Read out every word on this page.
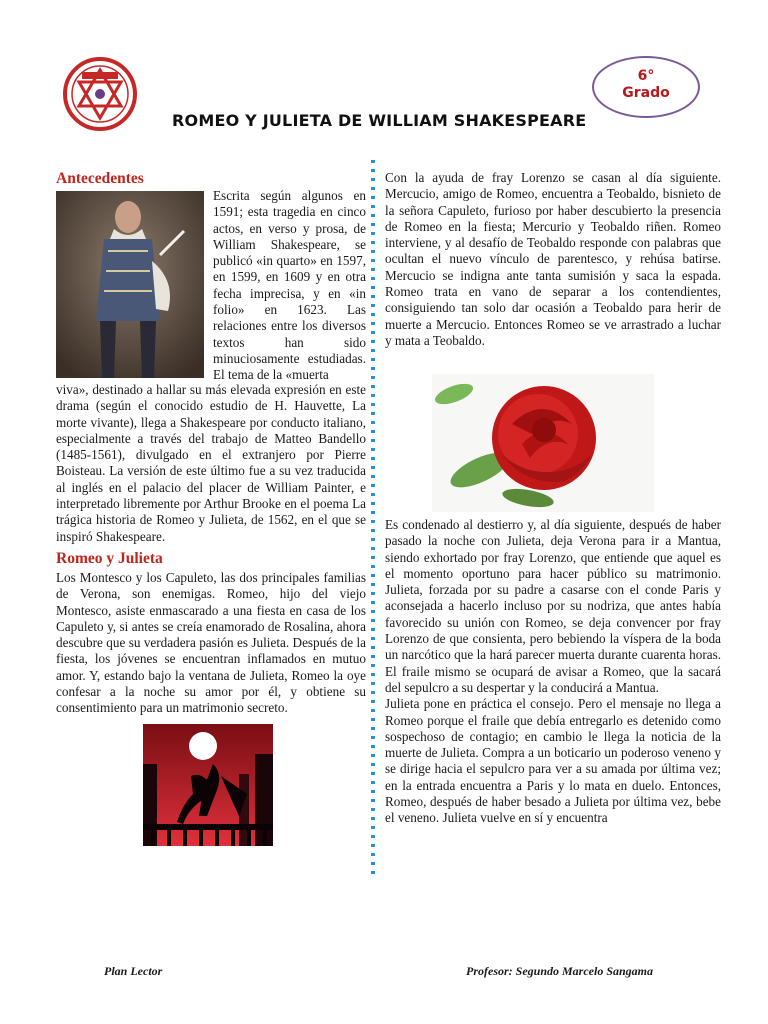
6°
Grado
ROMEO Y JULIETA DE WILLIAM SHAKESPEARE
Antecedentes

Escrita según algunos en 1591; esta tragedia en cinco actos, en verso y prosa, de William Shakespeare, se publicó «in quarto» en 1597, en 1599, en 1609 y en otra fecha imprecisa, y en «in folio» en 1623. Las relaciones entre los diversos textos han sido minuciosamente estudiadas. El tema de la «muerta

viva», destinado a hallar su más elevada expresión en este drama (según el conocido estudio de H. Hauvette, La morte vivante), llega a Shakespeare por conducto italiano, especialmente a través del trabajo de Matteo Bandello (1485-1561), divulgado en el extranjero por Pierre Boisteau. La versión de este último fue a su vez traducida al inglés en el palacio del placer de William Painter, e interpretado libremente por Arthur Brooke en el poema La trágica historia de Romeo y Julieta, de 1562, en el que se inspiró Shakespeare.

Romeo y Julieta

Los Montesco y los Capuleto, las dos principales familias de Verona, son enemigas. Romeo, hijo del viejo Montesco, asiste enmascarado a una fiesta en casa de los Capuleto y, si antes se creía enamorado de Rosalina, ahora descubre que su verdadera pasión es Julieta. Después de la fiesta, los jóvenes se encuentran inflamados en mutuo amor. Y, estando bajo la ventana de Julieta, Romeo la oye confesar a la noche su amor por él, y obtiene su consentimiento para un matrimonio secreto.

Con la ayuda de fray Lorenzo se casan al día siguiente. Mercucio, amigo de Romeo, encuentra a Teobaldo, bisnieto de la señora Capuleto, furioso por haber descubierto la presencia de Romeo en la fiesta; Mercurio y Teobaldo riñen. Romeo interviene, y al desafío de Teobaldo responde con palabras que ocultan el nuevo vínculo de parentesco, y rehúsa batirse. Mercucio se indigna ante tanta sumisión y saca la espada. Romeo trata en vano de separar a los contendientes, consiguiendo tan solo dar ocasión a Teobaldo para herir de muerte a Mercucio. Entonces Romeo se ve arrastrado a luchar y mata a Teobaldo.

Es condenado al destierro y, al día siguiente, después de haber pasado la noche con Julieta, deja Verona para ir a Mantua, siendo exhortado por fray Lorenzo, que entiende que aquel es el momento oportuno para hacer público su matrimonio. Julieta, forzada por su padre a casarse con el conde Paris y aconsejada a hacerlo incluso por su nodriza, que antes había favorecido su unión con Romeo, se deja convencer por fray Lorenzo de que consienta, pero bebiendo la víspera de la boda un narcótico que la hará parecer muerta durante cuarenta horas. El fraile mismo se ocupará de avisar a Romeo, que la sacará del sepulcro a su despertar y la conducirá a Mantua.
Julieta pone en práctica el consejo. Pero el mensaje no llega a Romeo porque el fraile que debía entregarlo es detenido como sospechoso de contagio; en cambio le llega la noticia de la muerte de Julieta. Compra a un boticario un poderoso veneno y se dirige hacia el sepulcro para ver a su amada por última vez; en la entrada encuentra a Paris y lo mata en duelo. Entonces, Romeo, después de haber besado a Julieta por última vez, bebe el veneno. Julieta vuelve en sí y encuentra

Plan Lector	Profesor: Segundo Marcelo Sangama
